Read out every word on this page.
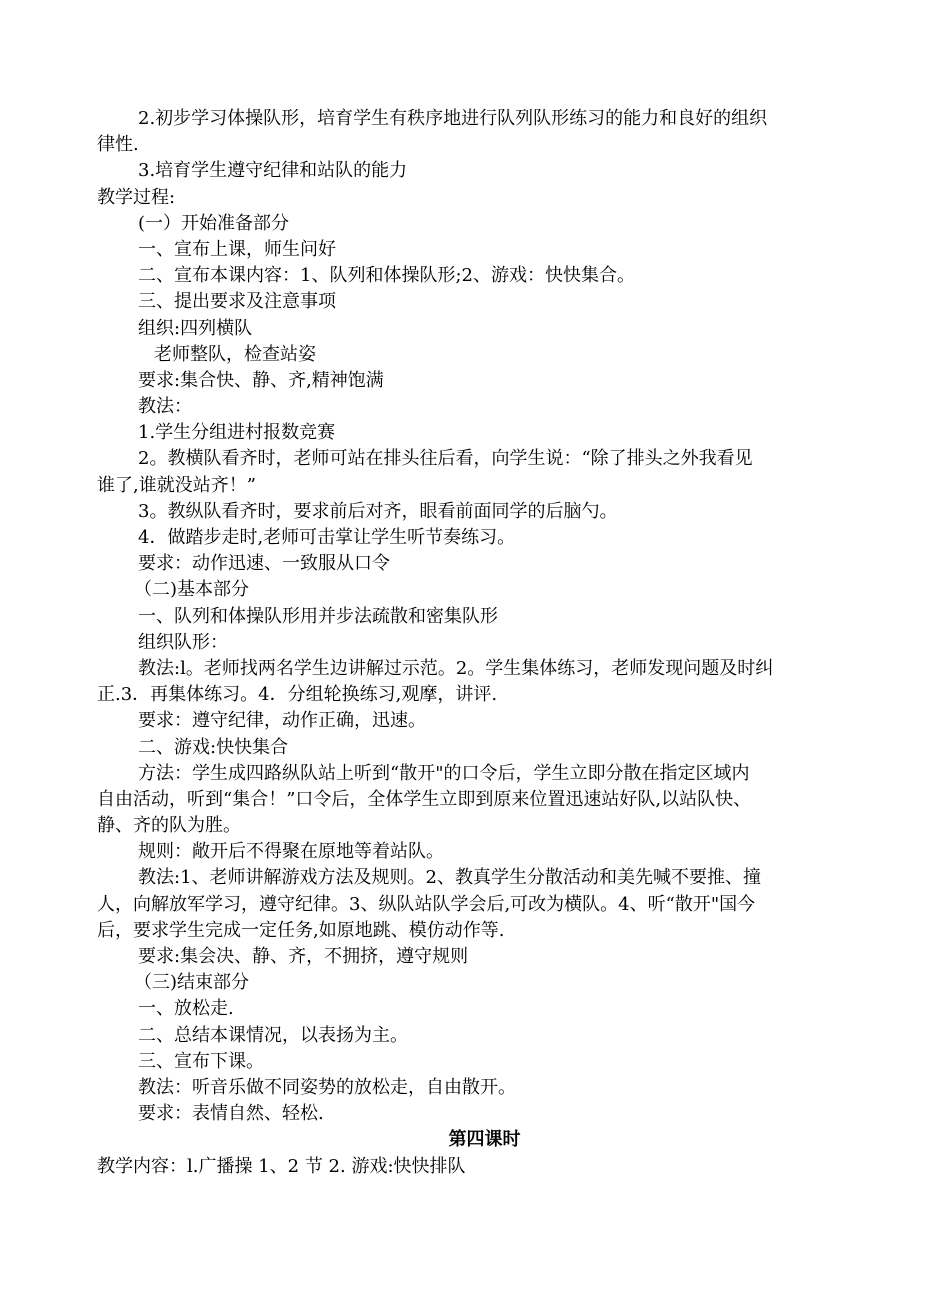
2.初步学习体操队形，培育学生有秩序地进行队列队形练习的能力和良好的组织
律性.
3.培育学生遵守纪律和站队的能力
教学过程:
(一）开始准备部分
一、宣布上课，师生问好
二、宣布本课内容：1、队列和体操队形;2、游戏：快快集合。
三、提出要求及注意事项
组织:四列横队
老师整队，检查站姿
要求:集合快、静、齐,精神饱满
教法：
1.学生分组进村报数竞赛
2。教横队看齐时，老师可站在排头往后看，向学生说：“除了排头之外我看见
谁了,谁就没站齐！”
3。教纵队看齐时，要求前后对齐，眼看前面同学的后脑勺。
4．做踏步走时,老师可击掌让学生听节奏练习。
要求：动作迅速、一致服从口令
（二)基本部分
一、队列和体操队形用并步法疏散和密集队形
组织队形：
教法:l。老师找两名学生边讲解过示范。2。学生集体练习，老师发现问题及时纠
正.3．再集体练习。4．分组轮换练习,观摩，讲评.
要求：遵守纪律，动作正确，迅速。
二、游戏:快快集合
方法：学生成四路纵队站上听到“散开"的口令后，学生立即分散在指定区域内
自由活动，听到“集合！”口令后，全体学生立即到原来位置迅速站好队,以站队快、
静、齐的队为胜。
规则：敞开后不得聚在原地等着站队。
教法:1、老师讲解游戏方法及规则。2、教真学生分散活动和美先喊不要推、撞
人，向解放军学习，遵守纪律。3、纵队站队学会后,可改为横队。4、听“散开"国今
后，要求学生完成一定任务,如原地跳、模仿动作等.
要求:集会决、静、齐，不拥挤，遵守规则
（三)结束部分
一、放松走.
二、总结本课情况，以表扬为主。
三、宣布下课。
教法：听音乐做不同姿势的放松走，自由散开。
要求：表情自然、轻松.
第四课时
教学内容：l.广播操 1、2 节 2. 游戏:快快排队
